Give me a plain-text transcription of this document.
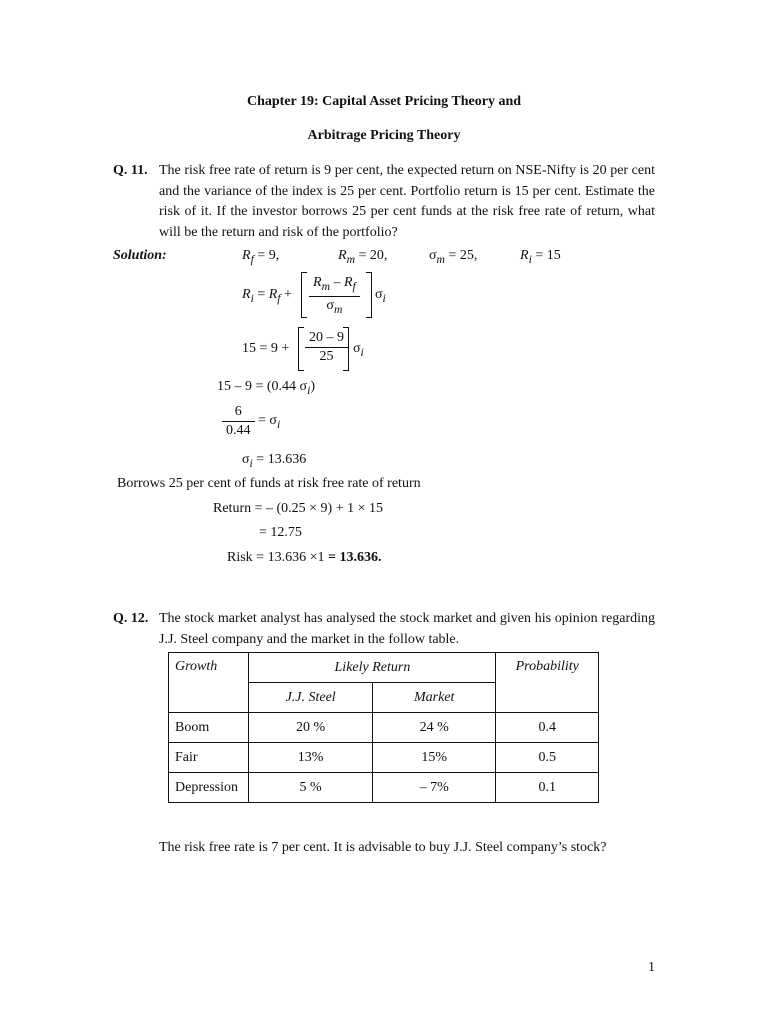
Chapter 19: Capital Asset Pricing Theory and
Arbitrage Pricing Theory
Q. 11. The risk free rate of return is 9 per cent, the expected return on NSE-Nifty is 20 per cent and the variance of the index is 25 per cent. Portfolio return is 15 per cent. Estimate the risk of it. If the investor borrows 25 per cent funds at the risk free rate of return, what will be the return and risk of the portfolio?
Solution:	$R_f = 9$,	$R_m = 20$,	$\sigma_m = 25$,	$R_i = 15$
$R_i = R_f + \frac{R_m - R_f}{\sigma_m} \sigma_i$
$15 = 9 + \frac{20 - 9}{25} \sigma_i$
15 – 9 = (0.44 $\sigma_i$)
$\frac{6}{0.44} = \sigma_i$
$\sigma_i = 13.636$
Borrows 25 per cent of funds at risk free rate of return
Return = – (0.25 × 9) + 1 × 15
= 12.75
Risk = 13.636 ×1 = 13.636.
Q. 12. The stock market analyst has analysed the stock market and given his opinion regarding J.J. Steel company and the market in the follow table.
Growth	Likely Return		Probability
	J.J. Steel	Market	
Boom	20 %	24 %	0.4
Fair	13%	15%	0.5
Depression	5 %	– 7%	0.1
The risk free rate is 7 per cent. It is advisable to buy J.J. Steel company’s stock?
1
